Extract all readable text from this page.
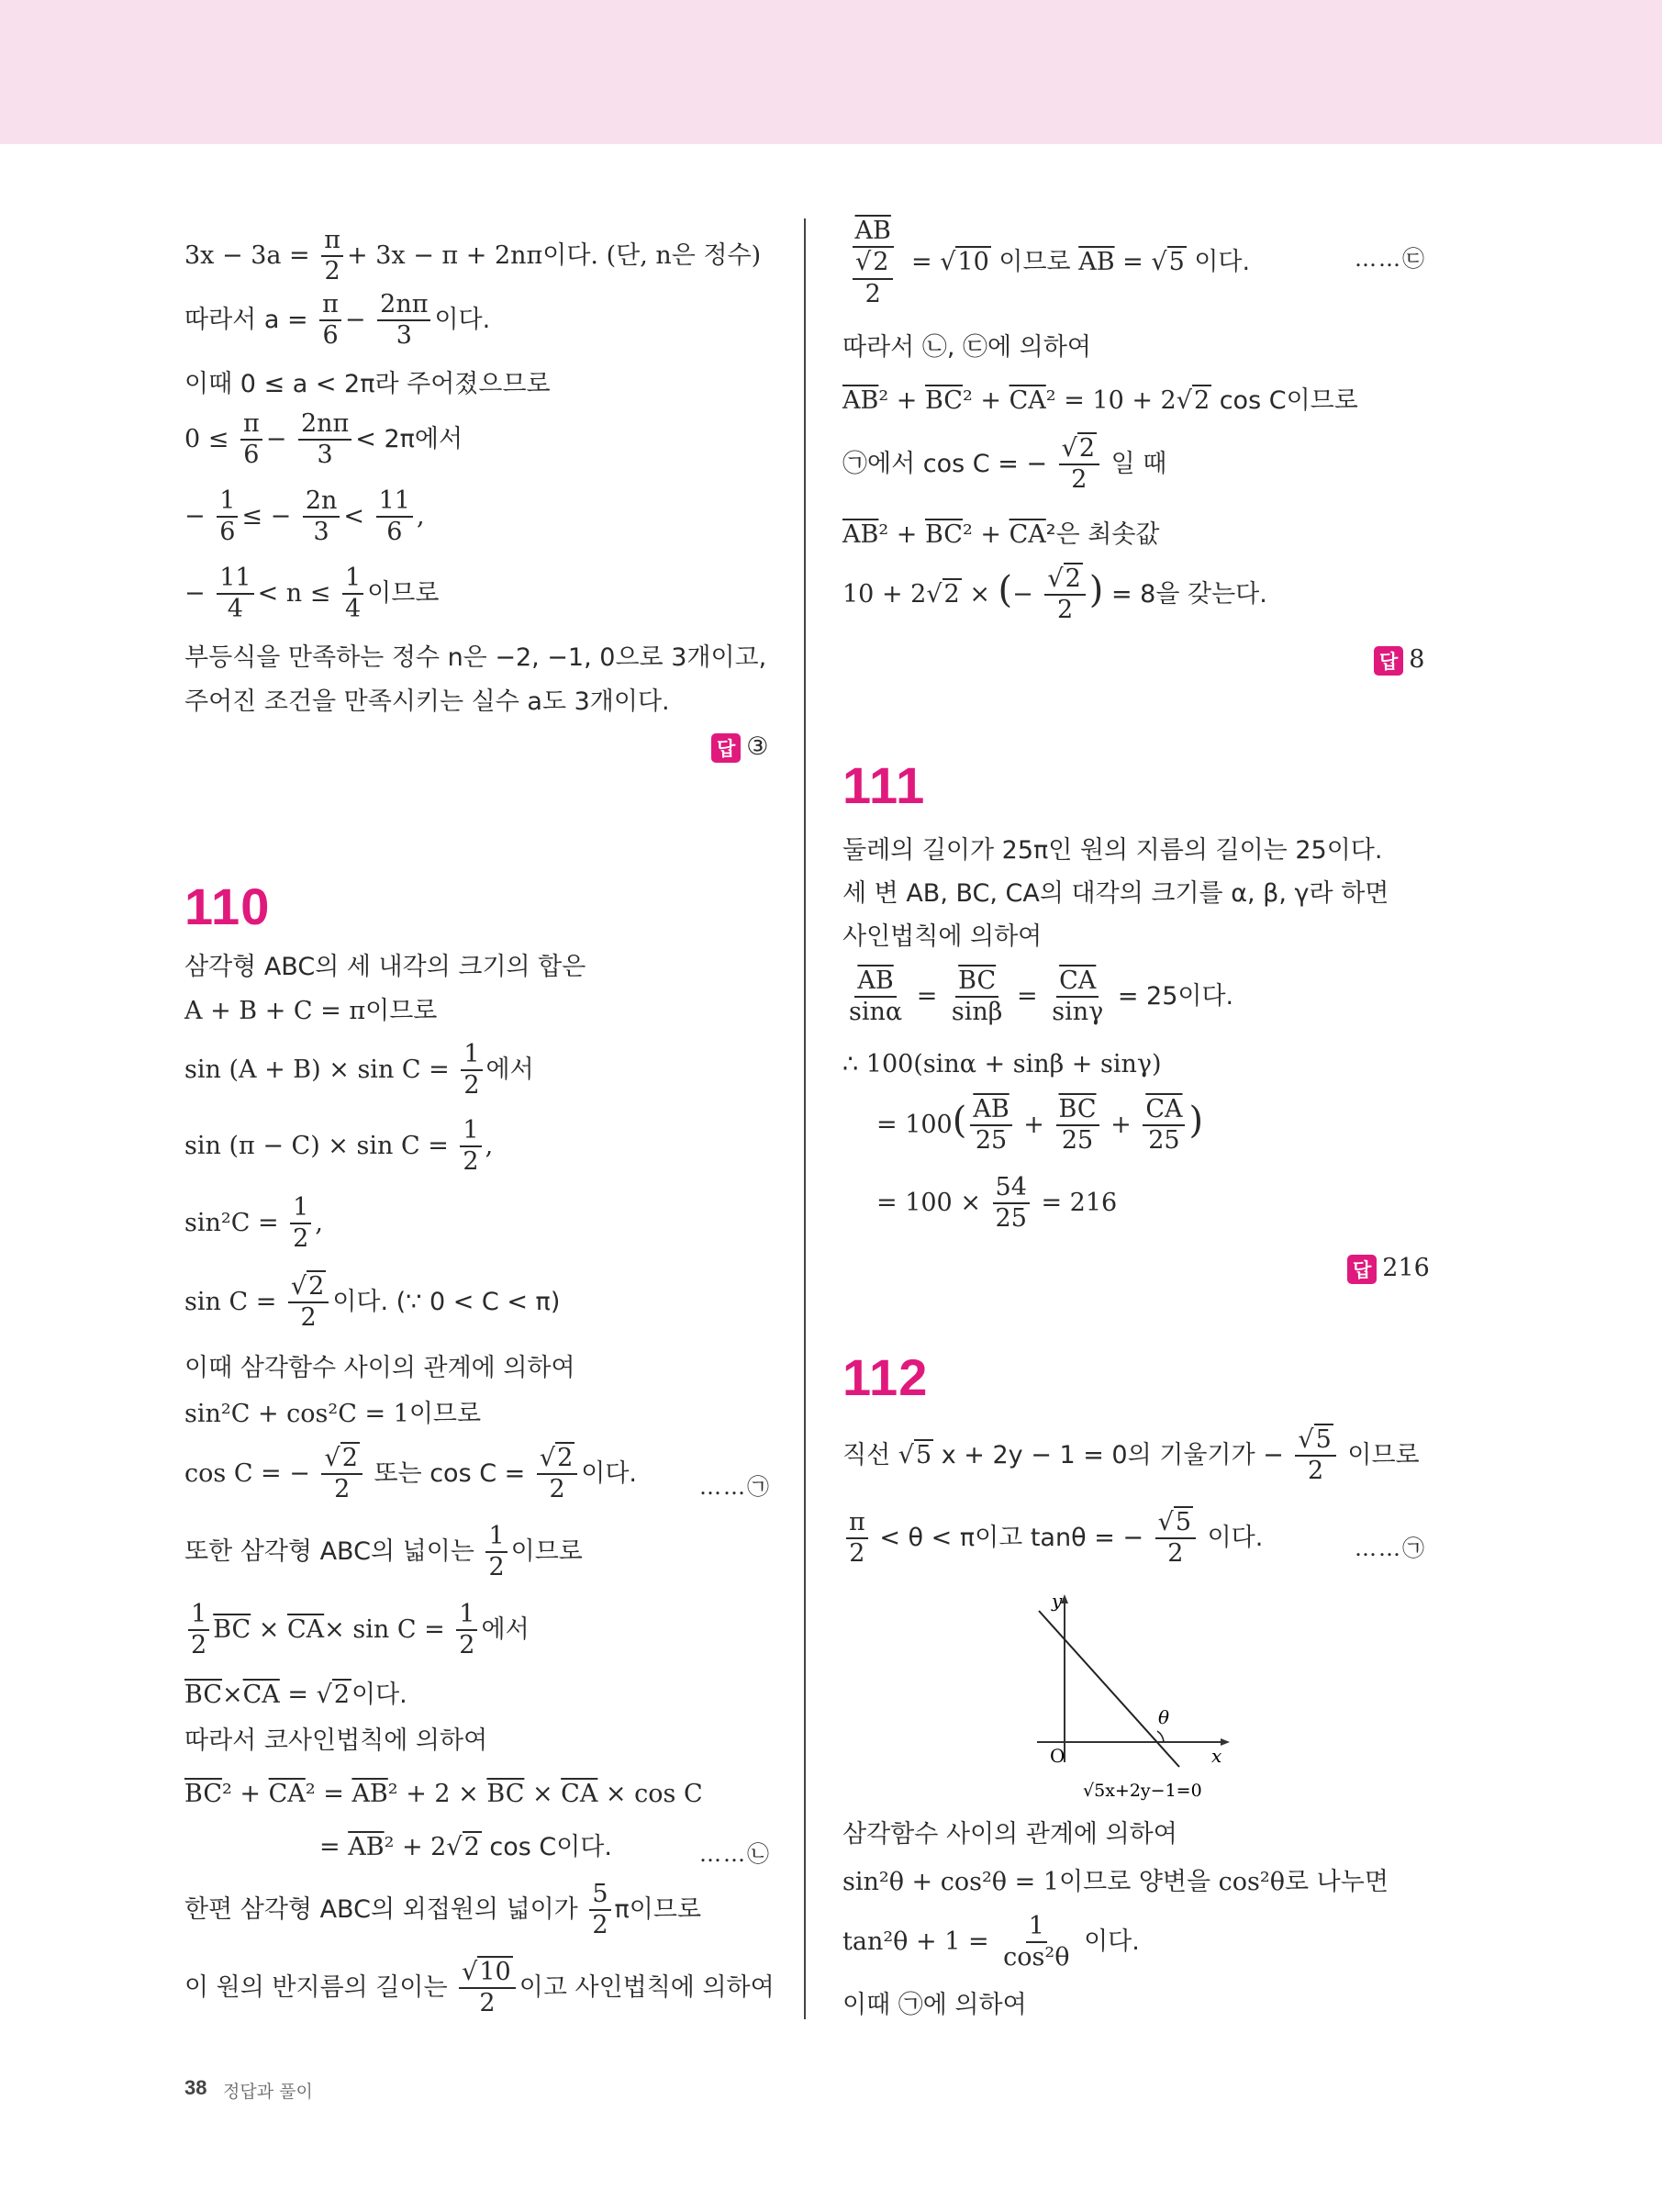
$3x - 3a = \frac{\pi}{2} + 3x - \pi + 2n\pi$이다. (단, n은 정수)
따라서 $a = \frac{\pi}{6} - \frac{2n\pi}{3}$ 이다.
이때 0 ≤ a < 2π라 주어졌으므로
$0 \le \frac{\pi}{6} - \frac{2n\pi}{3} < 2\pi$에서
− $\frac{1}{6}$ ≤ − $\frac{2n}{3} < \frac{11}{6}$ ,
− $\frac{11}{4} < n \le \frac{1}{4}$ 이므로
부등식을 만족하는 정수 n은 −2, −1, 0으로 3개이고,
주어진 조건을 만족시키는 실수 a도 3개이다.
답 ③
110
삼각형 ABC의 세 내각의 크기의 합은
A + B + C = π이므로
$\sin (A + B) \times \sin C = \frac{1}{2}$ 에서
$\sin (\pi - C) \times \sin C = \frac{1}{2}$ ,
$\sin^2C = \frac{1}{2}$ ,
$\sin C = \frac{√2}{2}$ 이다. (∵ 0 < C < π)
이때 삼각함수 사이의 관계에 의하여
sin²C + cos²C = 1이므로
cos C = − $\frac{√2}{2}$ 또는 $\cos C = \frac{√2}{2}$ 이다.	……㉠
또한 삼각형 ABC의 넓이는 $\frac{1}{2}$ 이므로
$\frac{1}{2} \overline{BC} \times \overline{CA}\times \sin C = \frac{1}{2}$ 에서
$\overline{BC}\times\overline{CA} = √2$이다.
따라서 코사인법칙에 의하여
$\overline{BC}^2 + \overline{CA}^2 = \overline{AB}^2 + 2 \times \overline{BC} \times \overline{CA} \times \cos C$
= $\overline{AB}^2 + 2√2$ cos C이다.	……㉡
한편 삼각형 ABC의 외접원의 넓이가 $\frac{5}{2}$ π이므로
이 원의 반지름의 길이는 $\frac{√10}{2}$ 이고 사인법칙에 의하여
$\frac{\overline{AB}}{\frac{√2}{2}} = √10$ 이므로 $\overline{AB} = √5$ 이다.	……㉢
따라서 ㉡, ㉢에 의하여
$\overline{AB}^2 + \overline{BC}^2 + \overline{CA}^2 = 10 + 2√2$ cos C이므로
㉠에서 cos C = − $\frac{√2}{2}$ 일 때
$\overline{AB}^2 + \overline{BC}^2 + \overline{CA}^2$은 최솟값
10 + 2√2 × (− $\frac{√2}{2}$ ) = 8을 갖는다.
답 8
111
둘레의 길이가 25π인 원의 지름의 길이는 25이다.
세 변 AB, BC, CA의 대각의 크기를 α, β, γ라 하면
사인법칙에 의하여
$\frac{\overline{AB}}{\sin\alpha} = \frac{\overline{BC}}{\sin\beta} = \frac{\overline{CA}}{\sin\gamma} = 25$이다.
∴ 100(sinα + sinβ + sinγ)
= $100( \frac{\overline{AB}}{25} + \frac{\overline{BC}}{25} + \frac{\overline{CA}}{25}$ )
= $100 \times \frac{54}{25} = 216$
답 216
112
직선 √5 x + 2y − 1 = 0의 기울기가 − $\frac{√5}{2}$ 이므로
$\frac{\pi}{2} < \theta < \pi$이고 tanθ = − $\frac{√5}{2}$ 이다.	……㉠
y
x
O
θ
√5x+2y−1=0
삼각함수 사이의 관계에 의하여
sin²θ + cos²θ = 1이므로 양변을 cos²θ로 나누면
$\tan^2\theta + 1 = \frac{1}{\text{cos²θ}}$ 이다.
이때 ㉠에 의하여
38 정답과 풀이
